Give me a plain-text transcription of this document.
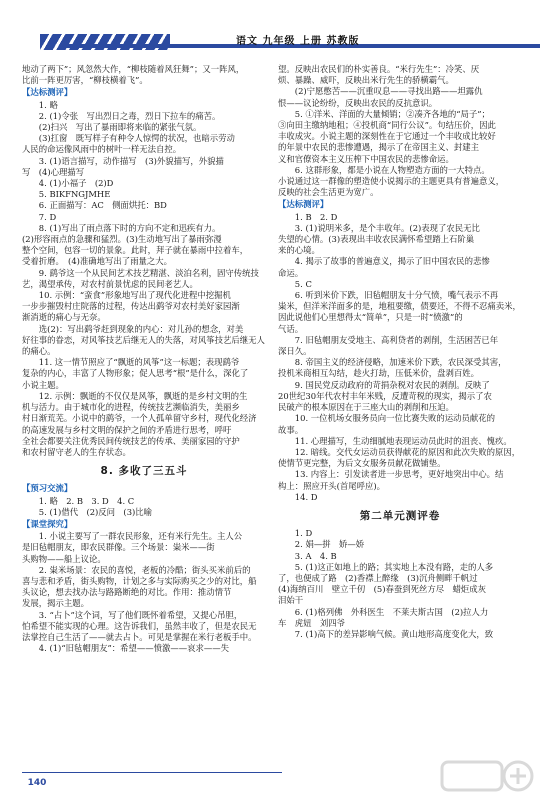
语文 九年级 上册 苏教版

地动了两下”；风忽然大作，“柳枝随着风狂舞”；又一阵风，

比前一阵更厉害，“柳枝横着飞”。

【达标测评】

1. 略

2. (1)令张　写出烈日之毒，烈日下拉车的痛苦。

(2)扫兴　写出了暴雨即将来临的紧张气氛。

(3)扛窗　既写样子有种令人惊愕的状况，也暗示劳动

人民的命运像风雨中的树叶一样无法自控。

3. (1)语言描写，动作描写　(3)外貌描写，外貌描

写　(4)心理描写

4. (1)小福子　(2)D

5. BIKFNGJMHE

6. 正面描写：AC　侧面烘托：BD

7. D

8. (1)写出了雨点落下时的方向不定和迅疾有力。

(2)形容雨点的急骤和猛烈。(3)生动地写出了暴雨弥漫

整个空间，包容一切的景象。此时，拜子就在暴雨中拉着车，

受着折磨。　(4)准确地写出了雨量之大。

9. 鹞爷这一个从民间艺术技艺精湛、淡泊名利，固守传统技

艺，渴望承传，对农村前景忧虑的民间老艺人。

10. 示例：“蛮食”形象地写出了现代化进程中挖掘机

一步步摧毁村庄院落的过程，传达出鹞爷对农村美好家园渐

渐消逝的痛心与无奈。

选(2)：写出鹞爷赶到现象的内心：对儿孙的想念，对美

好往事的眷恋，对风筝技艺后继无人的失落，对风筝技艺后继无人

的痛心。

11. 这一情节照应了“飘逝的风筝”这一标题；表现鹞爷

复杂的内心，丰富了人物形象；促人思考“根”是什么，深化了

小说主题。

12. 示例：飘逝的不仅仅是风筝，飘逝的是乡村文明的生

机与活力。由于城市化的进程，传统技艺濒临消失，美丽乡

村日渐荒芜。小说中的鹞爷，一个人孤单留守乡村，现代化经济

的高速发展与乡村文明的保护之间的矛盾进行思考，呼吁

全社会都要关注优秀民间传统技艺的传承、美丽家园的守护

和农村留守老人的生存状态。

8. 多收了三五斗

【预习交流】

1. 略　2. B　3. D　4. C

5. (1)借代　(2)反问　(3)比喻

【课堂探究】

1. 小说主要写了一群农民形象，还有米行先生。主人公

是旧毡帽朋友，即农民群像。三个场景：粜米——街

头购物——船上议论。

2. 粜米场景：农民的喜悦，老板的冷酷；街头买米前后的

喜与悲和矛盾，街头购物，计划之多与实际购买之少的对比，船

头议论，想去找办法与路路断绝的对比。作用：推动情节

发展，揭示主题。

3. “占卜”这个词，写了他们既怀着希望，又提心吊胆，

怕希望不能实现的心理。这告诉我们，虽然丰收了，但是农民无

法掌控自己生活了——就去占卜。可见是掌握在米行老板手中。

4. (1)“旧毡帽朋友”：希望——愤激——哀求——失

望。反映出农民们的朴实善良。“米行先生”：冷笑、厌

烦、暴躁、威吓，反映出米行先生的骄横霸气。

(2)宁愿憋苦——沉重叹息——寻找出路——坦露仇

恨——议论纷纷，反映出农民的反抗意识。

5. ①洋米、洋面的大量倾销；②凑齐各地的“局子”；

③向田主缴纳地租；④投机商“同行公议”。句结压价，因此

丰收成灾。小说主题的深刻性在于它通过一个丰收成比较好

的年景中农民的悲惨遭遇，揭示了在帝国主义、封建主

义和官僚资本主义压榨下中国农民的悲惨命运。

6. 这群形象，都是小说在人物塑造方面的一大特点。

小说通过这一群像的塑造使小说揭示的主题更具有普遍意义，

反映的社会生活更为宽广。

【达标测评】

1. B　2. D

3. (1)说明米多，是个丰收年。(2)表现了农民无比

失望的心情。(3)表现出丰收农民满怀希望踏上石阶巢

来的心境。

4. 揭示了故事的普遍意义，揭示了旧中国农民的悲惨

命运。

5. C

6. 听到米价下跌，旧毡帽朋友十分气愤，嘴气表示不再

粜米，但洋米洋面多的是，地租要缴，债要还，不得不忍痛卖米，

因此说他们心里想得太“简单”，只是一时“愤激”的

气话。

7. 旧毡帽朋友受地主、高利贷者的剥削，生活困苦已年

深日久。

8. 帝国主义的经济侵略，加速米价下跌，农民深受其害，

投机米商相互勾结，趁火打劫，压低米价，盘剥百姓。

9. 国民党反动政府的苛捐杂税对农民的剥削。反映了

20世纪30年代农村丰年米贱，反遭苛税的现实，揭示了农

民破产的根本原因在于三座大山的剥削和压迫。

10. 一位机场女服务员向一位比赛失败的运动员献花的

故事。

11. 心理描写，生动细腻地表现运动员此时的沮丧、愧疚。

12. 暗线。交代女运动员获得献花的原因和此次失败的原因，

使情节更完整，为后文女服务员献花做铺垫。

13. 内容上：引发读者进一步思考，更好地突出中心。结

构上：照应开头(首尾呼应)。

14. D

第二单元测评卷

1. D

2. 娟—拼　娇—娇

3. A　4. B

5. (1)这正如地上的路；其实地上本没有路，走的人多

了，也便成了路　(2)香襟上醉缘　(3)沉舟侧畔千帆过

(4)海纳百川　壁立千仞　(5)春蚕到死丝方尽　蜡炬成灰

泪始干

6. (1)格列佛　外科医生　不莱夫斯古国　(2)拉人力

车　虎妞　刘四爷

7. (1)高下的差异影响气候。黄山地形高度变化大，致

140
